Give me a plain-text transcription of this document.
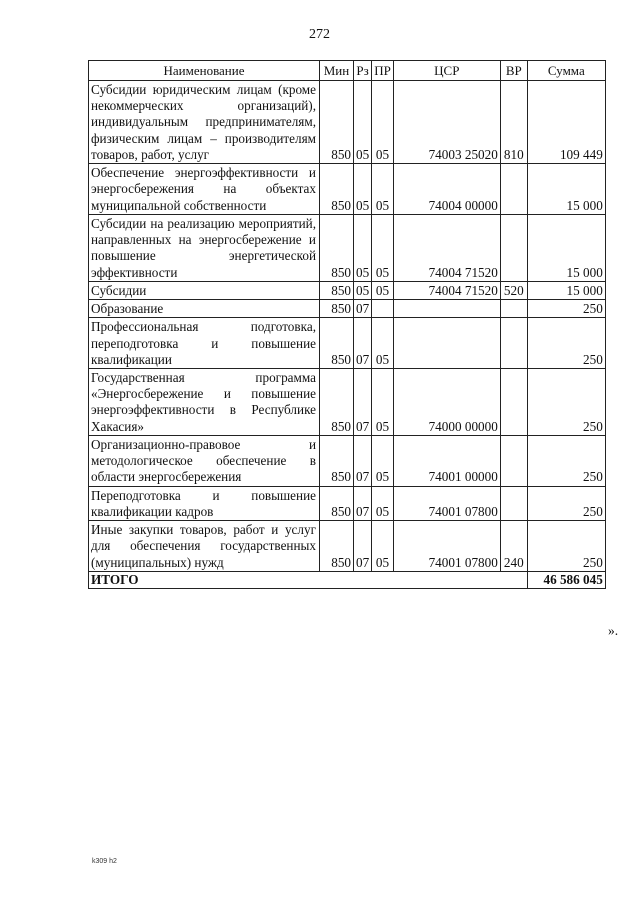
272
Наименование	Мин	Рз	ПР	ЦСР	ВР	Сумма
Субсидии юридическим лицам (кроме некоммерческих организаций), индивидуальным предпринимателям, физическим лицам – производителям товаров, работ, услуг	850	05	05	74003 25020	810	109 449
Обеспечение энергоэффективности и энергосбережения на объектах муниципальной собственности	850	05	05	74004 00000		15 000
Субсидии на реализацию мероприятий, направленных на энергосбережение и повышение энергетической эффективности	850	05	05	74004 71520		15 000
Субсидии	850	05	05	74004 71520	520	15 000
Образование	850	07				250
Профессиональная подготовка, переподготовка и повышение квалификации	850	07	05			250
Государственная программа «Энергосбережение и повышение энергоэффективности в Республике Хакасия»	850	07	05	74000 00000		250
Организационно-правовое и методологическое обеспечение в области энергосбережения	850	07	05	74001 00000		250
Переподготовка и повышение квалификации кадров	850	07	05	74001 07800		250
Иные закупки товаров, работ и услуг для обеспечения государственных (муниципальных) нужд	850	07	05	74001 07800	240	250
ИТОГО						46 586 045
».
k309 h2
